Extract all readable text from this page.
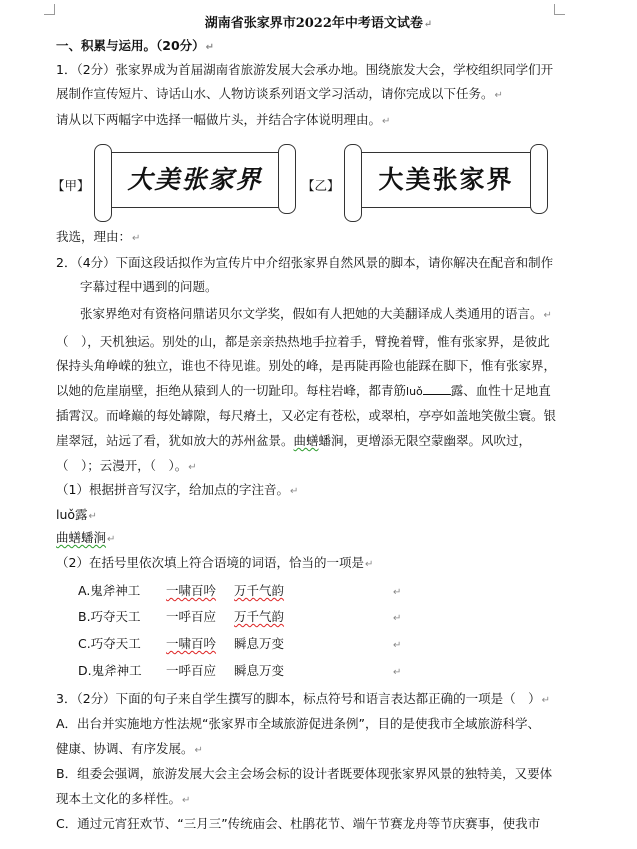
湖南省张家界市2022年中考语文试卷↵
一、积累与运用。（20分）↵
1．（2分）张家界成为首届湖南省旅游发展大会承办地。围绕旅发大会，学校组织同学们开
展制作宣传短片、诗话山水、人物访谈系列语文学习活动，请你完成以下任务。↵
请从以下两幅字中选择一幅做片头，并结合字体说明理由。↵
【甲】 大美张家界	【乙】	大美张家界
我选，理由：↵
2．（4分）下面这段话拟作为宣传片中介绍张家界自然风景的脚本，请你解决在配音和制作
字幕过程中遇到的问题。
张家界绝对有资格问鼎诺贝尔文学奖，假如有人把她的大美翻译成人类通用的语言。↵
（　），天机独运。别处的山，都是亲亲热热地手拉着手，臂挽着臂，惟有张家界，是彼此
保持头角峥嵘的独立，谁也不待见谁。别处的峰，是再陡再险也能踩在脚下，惟有张家界，
以她的危崖崩壁，拒绝从猿到人的一切趾印。每柱岩峰，都青筋luǒ 露、血性十足地直
插霄汉。而峰巅的每处罅隙，每尺瘠土，又必定有苍松，或翠柏，亭亭如盖地笑傲尘寰。银
崖翠冠，站远了看，犹如放大的苏州盆景。曲蟮蟠涧，更增添无限空蒙幽翠。风吹过，
（　）；云漫开，（　）。↵
（1）根据拼音写汉字，给加点的字注音。↵
luǒ露↵
曲蟮蟠涧↵
（2）在括号里依次填上符合语境的词语，恰当的一项是↵
A.鬼斧神工 一啸百吟 万千气韵	↵
B.巧夺天工 一呼百应 万千气韵	↵
C.巧夺天工 一啸百吟 瞬息万变	↵
D.鬼斧神工 一呼百应 瞬息万变	↵
3．（2分）下面的句子来自学生撰写的脚本，标点符号和语言表达都正确的一项是（　）↵
A．出台并实施地方性法规“张家界市全域旅游促进条例”，目的是使我市全域旅游科学、
健康、协调、有序发展。↵
B．组委会强调，旅游发展大会主会场会标的设计者既要体现张家界风景的独特美，又要体
现本土文化的多样性。↵
C．通过元宵狂欢节、“三月三”传统庙会、杜鹃花节、端午节赛龙舟等节庆赛事，使我市
